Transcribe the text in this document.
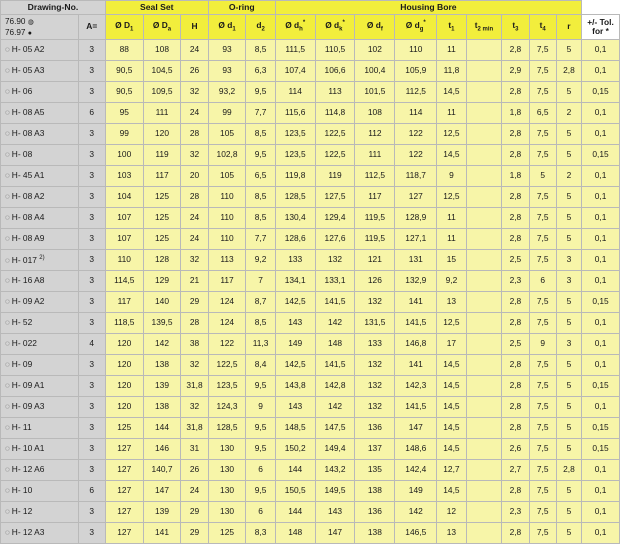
Drawing-No.		Seal Set			O-ring		Housing Bore									

76.90 ◍
76.97 ●
	A=	Ø $D_1$	Ø $D_a$	H	Ø $d_1$	$d_2$	Ø $d_h^*$	Ø $d_k^*$	Ø $d_f$	Ø $d_g^*$	$t_1$	$t_{2 min}$	$t_3$	$t_4$	r	+/- Tol.
for *

◌ H- 05 A2	3	88	108	24	93	8,5	111,5	110,5	102	110	11		2,8	7,5	5	0,1
◌ H- 05 A3	3	90,5	104,5	26	93	6,3	107,4	106,6	100,4	105,9	11,8		2,9	7,5	2,8	0,1
◌ H- 06	3	90,5	109,5	32	93,2	9,5	114	113	101,5	112,5	14,5		2,8	7,5	5	0,15
◌ H- 08 A5	6	95	111	24	99	7,7	115,6	114,8	108	114	11		1,8	6,5	2	0,1
◌ H- 08 A3	3	99	120	28	105	8,5	123,5	122,5	112	122	12,5		2,8	7,5	5	0,1
◌ H- 08	3	100	119	32	102,8	9,5	123,5	122,5	111	122	14,5		2,8	7,5	5	0,15
◌ H- 45 A1	3	103	117	20	105	6,5	119,8	119	112,5	118,7	9		1,8	5	2	0,1
◌ H- 08 A2	3	104	125	28	110	8,5	128,5	127,5	117	127	12,5		2,8	7,5	5	0,1
◌ H- 08 A4	3	107	125	24	110	8,5	130,4	129,4	119,5	128,9	11		2,8	7,5	5	0,1
◌ H- 08 A9	3	107	125	24	110	7,7	128,6	127,6	119,5	127,1	11		2,8	7,5	5	0,1
◌ H- 017 $^{2)}$	3	110	128	32	113	9,2	133	132	121	131	15		2,5	7,5	3	0,1
◌ H- 16 A8	3	114,5	129	21	117	7	134,1	133,1	126	132,9	9,2		2,3	6	3	0,1
◌ H- 09 A2	3	117	140	29	124	8,7	142,5	141,5	132	141	13		2,8	7,5	5	0,15
◌ H- 52	3	118,5	139,5	28	124	8,5	143	142	131,5	141,5	12,5		2,8	7,5	5	0,1
◌ H- 022	4	120	142	38	122	11,3	149	148	133	146,8	17		2,5	9	3	0,1
◌ H- 09	3	120	138	32	122,5	8,4	142,5	141,5	132	141	14,5		2,8	7,5	5	0,1
◌ H- 09 A1	3	120	139	31,8	123,5	9,5	143,8	142,8	132	142,3	14,5		2,8	7,5	5	0,15
◌ H- 09 A3	3	120	138	32	124,3	9	143	142	132	141,5	14,5		2,8	7,5	5	0,1
◌ H- 11	3	125	144	31,8	128,5	9,5	148,5	147,5	136	147	14,5		2,8	7,5	5	0,15
◌ H- 10 A1	3	127	146	31	130	9,5	150,2	149,4	137	148,6	14,5		2,6	7,5	5	0,15
◌ H- 12 A6	3	127	140,7	26	130	6	144	143,2	135	142,4	12,7		2,7	7,5	2,8	0,1
◌ H- 10	6	127	147	24	130	9,5	150,5	149,5	138	149	14,5		2,8	7,5	5	0,1
◌ H- 12	3	127	139	29	130	6	144	143	136	142	12		2,3	7,5	5	0,1
◌ H- 12 A3	3	127	141	29	125	8,3	148	147	138	146,5	13		2,8	7,5	5	0,1
